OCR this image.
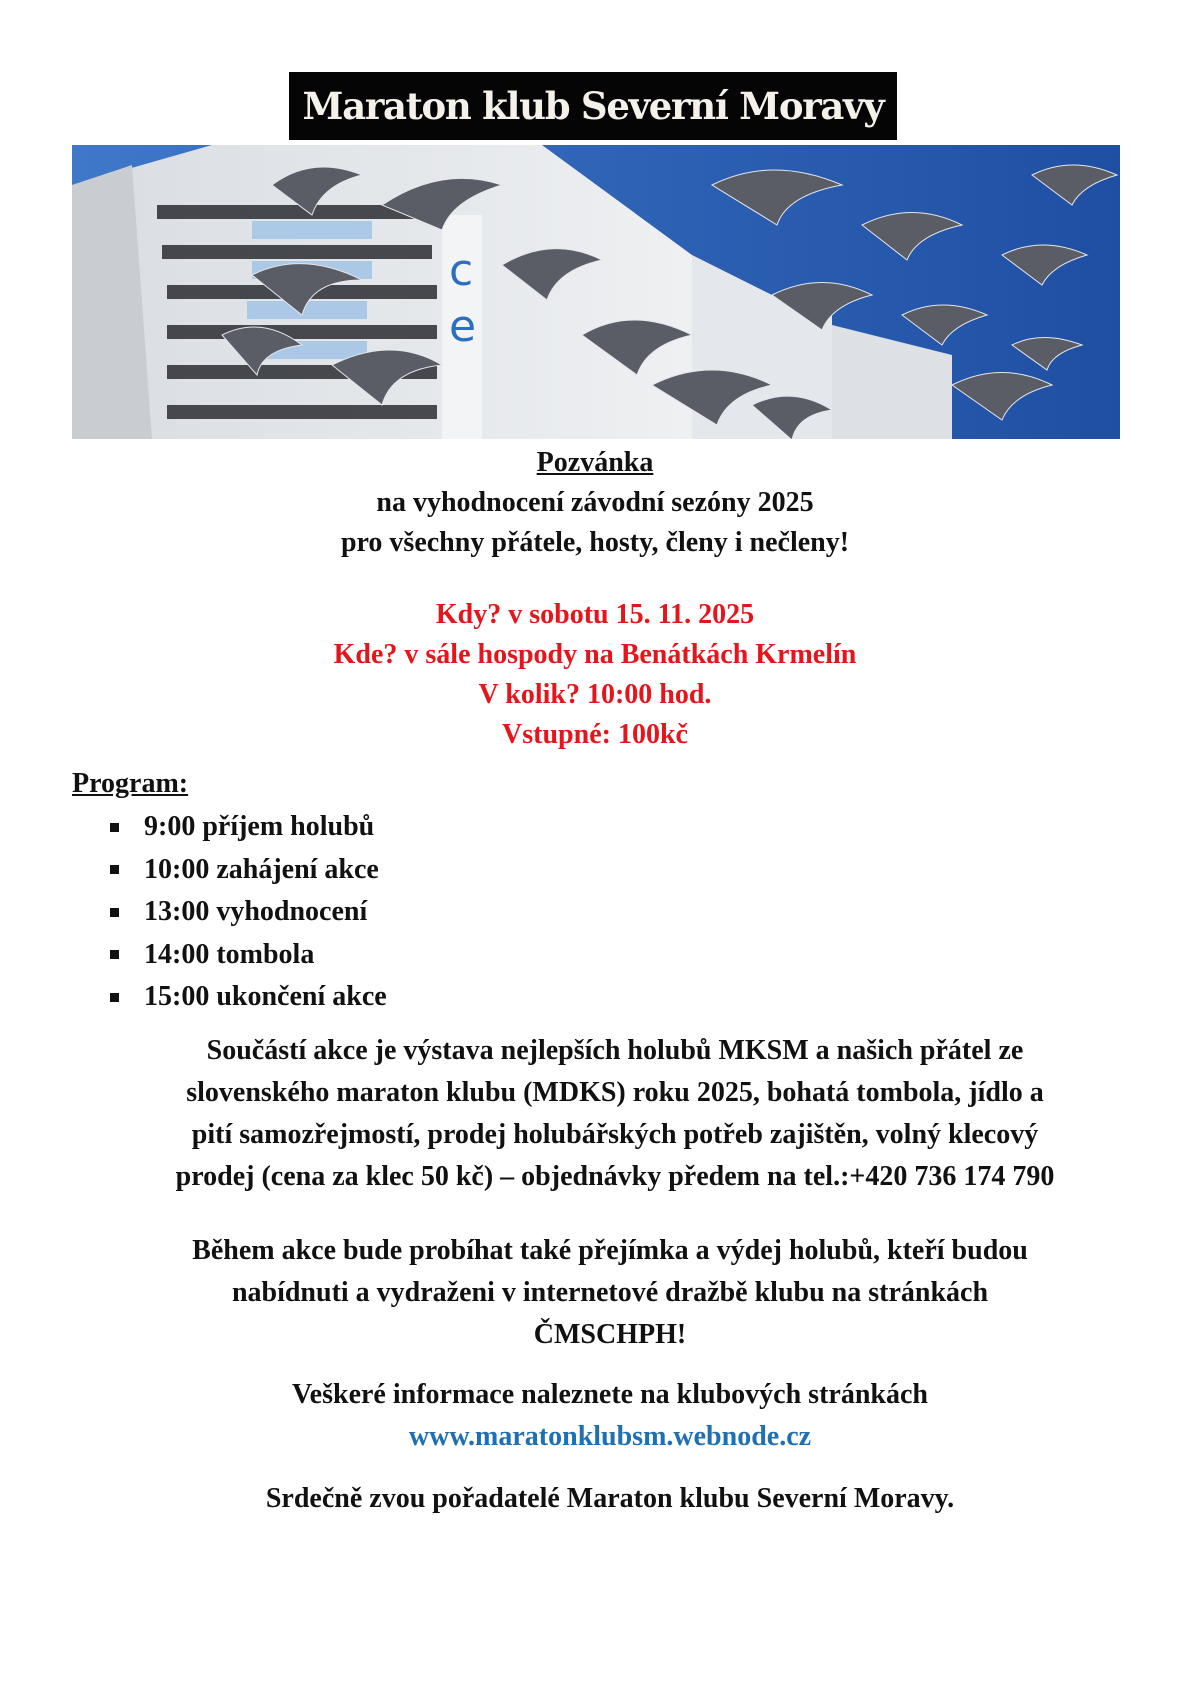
Maraton klub Severní Moravy
c
e
Pozvánka
na vyhodnocení závodní sezóny 2025
pro všechny přátele, hosty, členy i nečleny!
Kdy? v sobotu 15. 11. 2025
Kde? v sále hospody na Benátkách Krmelín
V kolik? 10:00 hod.
Vstupné: 100kč
Program:
9:00 příjem holubů
10:00 zahájení akce
13:00 vyhodnocení
14:00 tombola
15:00 ukončení akce
Součástí akce je výstava nejlepších holubů MKSM a našich přátel ze
slovenského maraton klubu (MDKS) roku 2025, bohatá tombola, jídlo a
pití samozřejmostí, prodej holubářských potřeb zajištěn, volný klecový
prodej (cena za klec 50 kč) – objednávky předem na tel.:+420 736 174 790
Během akce bude probíhat také přejímka a výdej holubů, kteří budou
nabídnuti a vydraženi v internetové dražbě klubu na stránkách
ČMSCHPH!
Veškeré informace naleznete na klubových stránkách
www.maratonklubsm.webnode.cz
Srdečně zvou pořadatelé Maraton klubu Severní Moravy.
